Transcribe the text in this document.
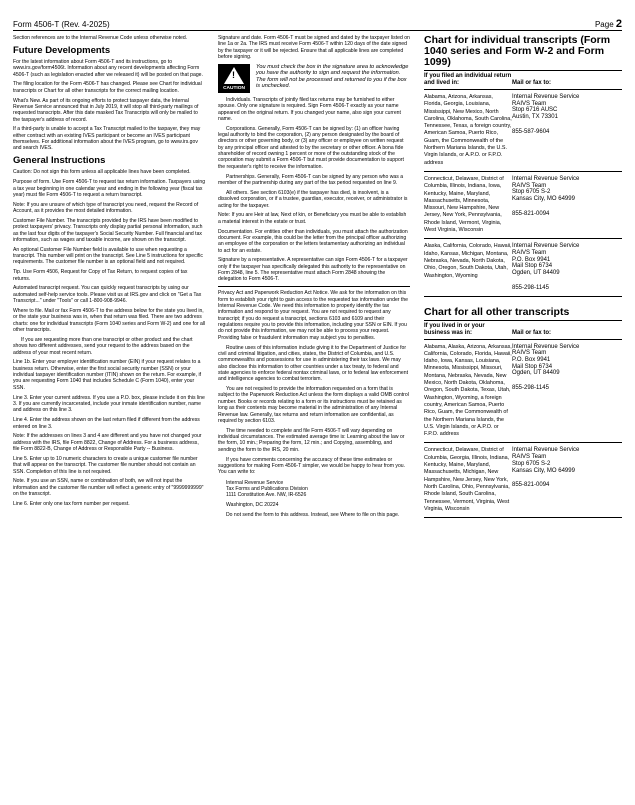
Form 4506-T (Rev. 4-2025)	Page 2

Section references are to the Internal Revenue Code unless otherwise noted.

Future Developments

For the latest information about Form 4506-T and its instructions, go to www.irs.gov/form4506t. Information about any recent developments affecting Form 4506-T (such as legislation enacted after we released it) will be posted on that page.

The filing location for the Form 4506-T has changed. Please see Chart for individual transcripts or Chart for all other transcripts for the correct mailing location.

What's New. As part of its ongoing efforts to protect taxpayer data, the Internal Revenue Service announced that in July 2019, it will stop all third-party mailings of requested transcripts. After this date masked Tax Transcripts will only be mailed to the taxpayer's address of record.

If a third-party is unable to accept a Tax Transcript mailed to the taxpayer, they may either contract with an existing IVES participant or become an IVES participant themselves. For additional information about the IVES program, go to www.irs.gov and search IVES.

General Instructions

Caution: Do not sign this form unless all applicable lines have been completed.

Purpose of form. Use Form 4506-T to request tax return information. Taxpayers using a tax year beginning in one calendar year and ending in the following year (fiscal tax year) must file Form 4506-T to request a return transcript.

Note: If you are unsure of which type of transcript you need, request the Record of Account, as it provides the most detailed information.

Customer File Number. The transcripts provided by the IRS have been modified to protect taxpayers' privacy. Transcripts only display partial personal information, such as the last four digits of the taxpayer's Social Security Number. Full financial and tax information, such as wages and taxable income, are shown on the transcript.

An optional Customer File Number field is available to use when requesting a transcript. This number will print on the transcript. See Line 5 instructions for specific requirements. The customer file number is an optional field and not required.

Tip. Use Form 4506, Request for Copy of Tax Return, to request copies of tax returns.

Automated transcript request. You can quickly request transcripts by using our automated self-help service tools. Please visit us at IRS.gov and click on "Get a Tax Transcript..." under "Tools" or call 1-800-908-9946.

Where to file. Mail or fax Form 4506-T to the address below for the state you lived in, or the state your business was in, when that return was filed. There are two address charts: one for individual transcripts (Form 1040 series and Form W-2) and one for all other transcripts.

If you are requesting more than one transcript or other product and the chart shows two different addresses, send your request to the address based on the address of your most recent return.

Line 1b. Enter your employer identification number (EIN) if your request relates to a business return. Otherwise, enter the first social security number (SSN) or your individual taxpayer identification number (ITIN) shown on the return. For example, if you are requesting Form 1040 that includes Schedule C (Form 1040), enter your SSN.

Line 3. Enter your current address. If you use a P.O. box, please include it on this line 3. If you are currently incarcerated, include your inmate identification number, name and address on this line 3.

Line 4. Enter the address shown on the last return filed if different from the address entered on line 3.

Note: If the addresses on lines 3 and 4 are different and you have not changed your address with the IRS, file Form 8822, Change of Address. For a business address, file Form 8822-B, Change of Address or Responsible Party -- Business.

Line 5. Enter up to 10 numeric characters to create a unique customer file number that will appear on the transcript. The customer file number should not contain an SSN. Completion of this line is not required.

Note. If you use an SSN, name or combination of both, we will not input the information and the customer file number will reflect a generic entry of "9999999999" on the transcript.

Line 6. Enter only one tax form number per request.

Signature and date. Form 4506-T must be signed and dated by the taxpayer listed on line 1a or 2a. The IRS must receive Form 4506-T within 120 days of the date signed by the taxpayer or it will be rejected. Ensure that all applicable lines are completed before signing.

!
CAUTION
You must check the box in the signature area to acknowledge you have the authority to sign and request the information. The form will not be processed and returned to you if the box is unchecked.

Individuals. Transcripts of jointly filed tax returns may be furnished to either spouse. Only one signature is required. Sign Form 4506-T exactly as your name appeared on the original return. If you changed your name, also sign your current name.

Corporations. Generally, Form 4506-T can be signed by: (1) an officer having legal authority to bind the corporation, (2) any person designated by the board of directors or other governing body, or (3) any officer or employee on written request by any principal officer and attested to by the secretary or other officer. A bona fide shareholder of record owning 1 percent or more of the outstanding stock of the corporation may submit a Form 4506-T but must provide documentation to support the requester's right to receive the information.

Partnerships. Generally, Form 4506-T can be signed by any person who was a member of the partnership during any part of the tax period requested on line 9.

All others. See section 6103(e) if the taxpayer has died, is insolvent, is a dissolved corporation, or if a trustee, guardian, executor, receiver, or administrator is acting for the taxpayer.

Note: If you are Heir at law, Next of kin, or Beneficiary you must be able to establish a material interest in the estate or trust.

Documentation. For entities other than individuals, you must attach the authorization document. For example, this could be the letter from the principal officer authorizing an employee of the corporation or the letters testamentary authorizing an individual to act for an estate.

Signature by a representative. A representative can sign Form 4506-T for a taxpayer only if the taxpayer has specifically delegated this authority to the representative on Form 2848, line 5. The representative must attach Form 2848 showing the delegation to Form 4506-T.

Privacy Act and Paperwork Reduction Act Notice. We ask for the information on this form to establish your right to gain access to the requested tax information under the Internal Revenue Code. We need this information to properly identify the tax information and respond to your request. You are not required to request any transcript; if you do request a transcript, sections 6103 and 6109 and their regulations require you to provide this information, including your SSN or EIN. If you do not provide this information, we may not be able to process your request. Providing false or fraudulent information may subject you to penalties.

Routine uses of this information include giving it to the Department of Justice for civil and criminal litigation, and cities, states, the District of Columbia, and U.S. commonwealths and possessions for use in administering their tax laws. We may also disclose this information to other countries under a tax treaty, to federal and state agencies to enforce federal nontax criminal laws, or to federal law enforcement and intelligence agencies to combat terrorism.

You are not required to provide the information requested on a form that is subject to the Paperwork Reduction Act unless the form displays a valid OMB control number. Books or records relating to a form or its instructions must be retained as long as their contents may become material in the administration of any Internal Revenue law. Generally, tax returns and return information are confidential, as required by section 6103.

The time needed to complete and file Form 4506-T will vary depending on individual circumstances. The estimated average time is: Learning about the law or the form, 10 min.; Preparing the form, 12 min.; and Copying, assembling, and sending the form to the IRS, 20 min.

If you have comments concerning the accuracy of these time estimates or suggestions for making Form 4506-T simpler, we would be happy to hear from you. You can write to:

Internal Revenue Service
Tax Forms and Publications Division
1111 Constitution Ave. NW, IR-6526
Washington, DC 20224

Do not send the form to this address. Instead, see Where to file on this page.

Chart for individual transcripts (Form 1040 series and Form W-2 and Form 1099)
If you filed an individual return and lived in:	Mail or fax to:
Alabama, Arizona, Arkansas, Florida, Georgia, Louisiana, Mississippi, New Mexico, North Carolina, Oklahoma, South Carolina, Tennessee, Texas, a foreign country, American Samoa, Puerto Rico, Guam, the Commonwealth of the Northern Mariana Islands, the U.S. Virgin Islands, or A.P.O. or F.P.O. address
Internal Revenue Service
RAIVS Team
Stop 6716 AUSC
Austin, TX 73301
855-587-9604
Connecticut, Delaware, District of Columbia, Illinois, Indiana, Iowa, Kentucky, Maine, Maryland, Massachusetts, Minnesota, Missouri, New Hampshire, New Jersey, New York, Pennsylvania, Rhode Island, Vermont, Virginia, West Virginia, Wisconsin
Internal Revenue Service
RAIVS Team
Stop 6705 S-2
Kansas City, MO 64999
855-821-0094
Alaska, California, Colorado, Hawaii, Idaho, Kansas, Michigan, Montana, Nebraska, Nevada, North Dakota, Ohio, Oregon, South Dakota, Utah, Washington, Wyoming
Internal Revenue Service
RAIVS Team
P.O. Box 9941
Mail Stop 6734
Ogden, UT 84409
855-298-1145
Chart for all other transcripts
If you lived in or your business was in:	Mail or fax to:
Alabama, Alaska, Arizona, Arkansas, California, Colorado, Florida, Hawaii, Idaho, Iowa, Kansas, Louisiana, Minnesota, Mississippi, Missouri, Montana, Nebraska, Nevada, New Mexico, North Dakota, Oklahoma, Oregon, South Dakota, Texas, Utah, Washington, Wyoming, a foreign country, American Samoa, Puerto Rico, Guam, the Commonwealth of the Northern Mariana Islands, the U.S. Virgin Islands, or A.P.O. or F.P.O. address
Internal Revenue Service
RAIVS Team
P.O. Box 9941
Mail Stop 6734
Ogden, UT 84409
855-298-1145
Connecticut, Delaware, District of Columbia, Georgia, Illinois, Indiana, Kentucky, Maine, Maryland, Massachusetts, Michigan, New Hampshire, New Jersey, New York, North Carolina, Ohio, Pennsylvania, Rhode Island, South Carolina, Tennessee, Vermont, Virginia, West Virginia, Wisconsin
Internal Revenue Service
RAIVS Team
Stop 6705 S-2
Kansas City, MO 64999
855-821-0094
